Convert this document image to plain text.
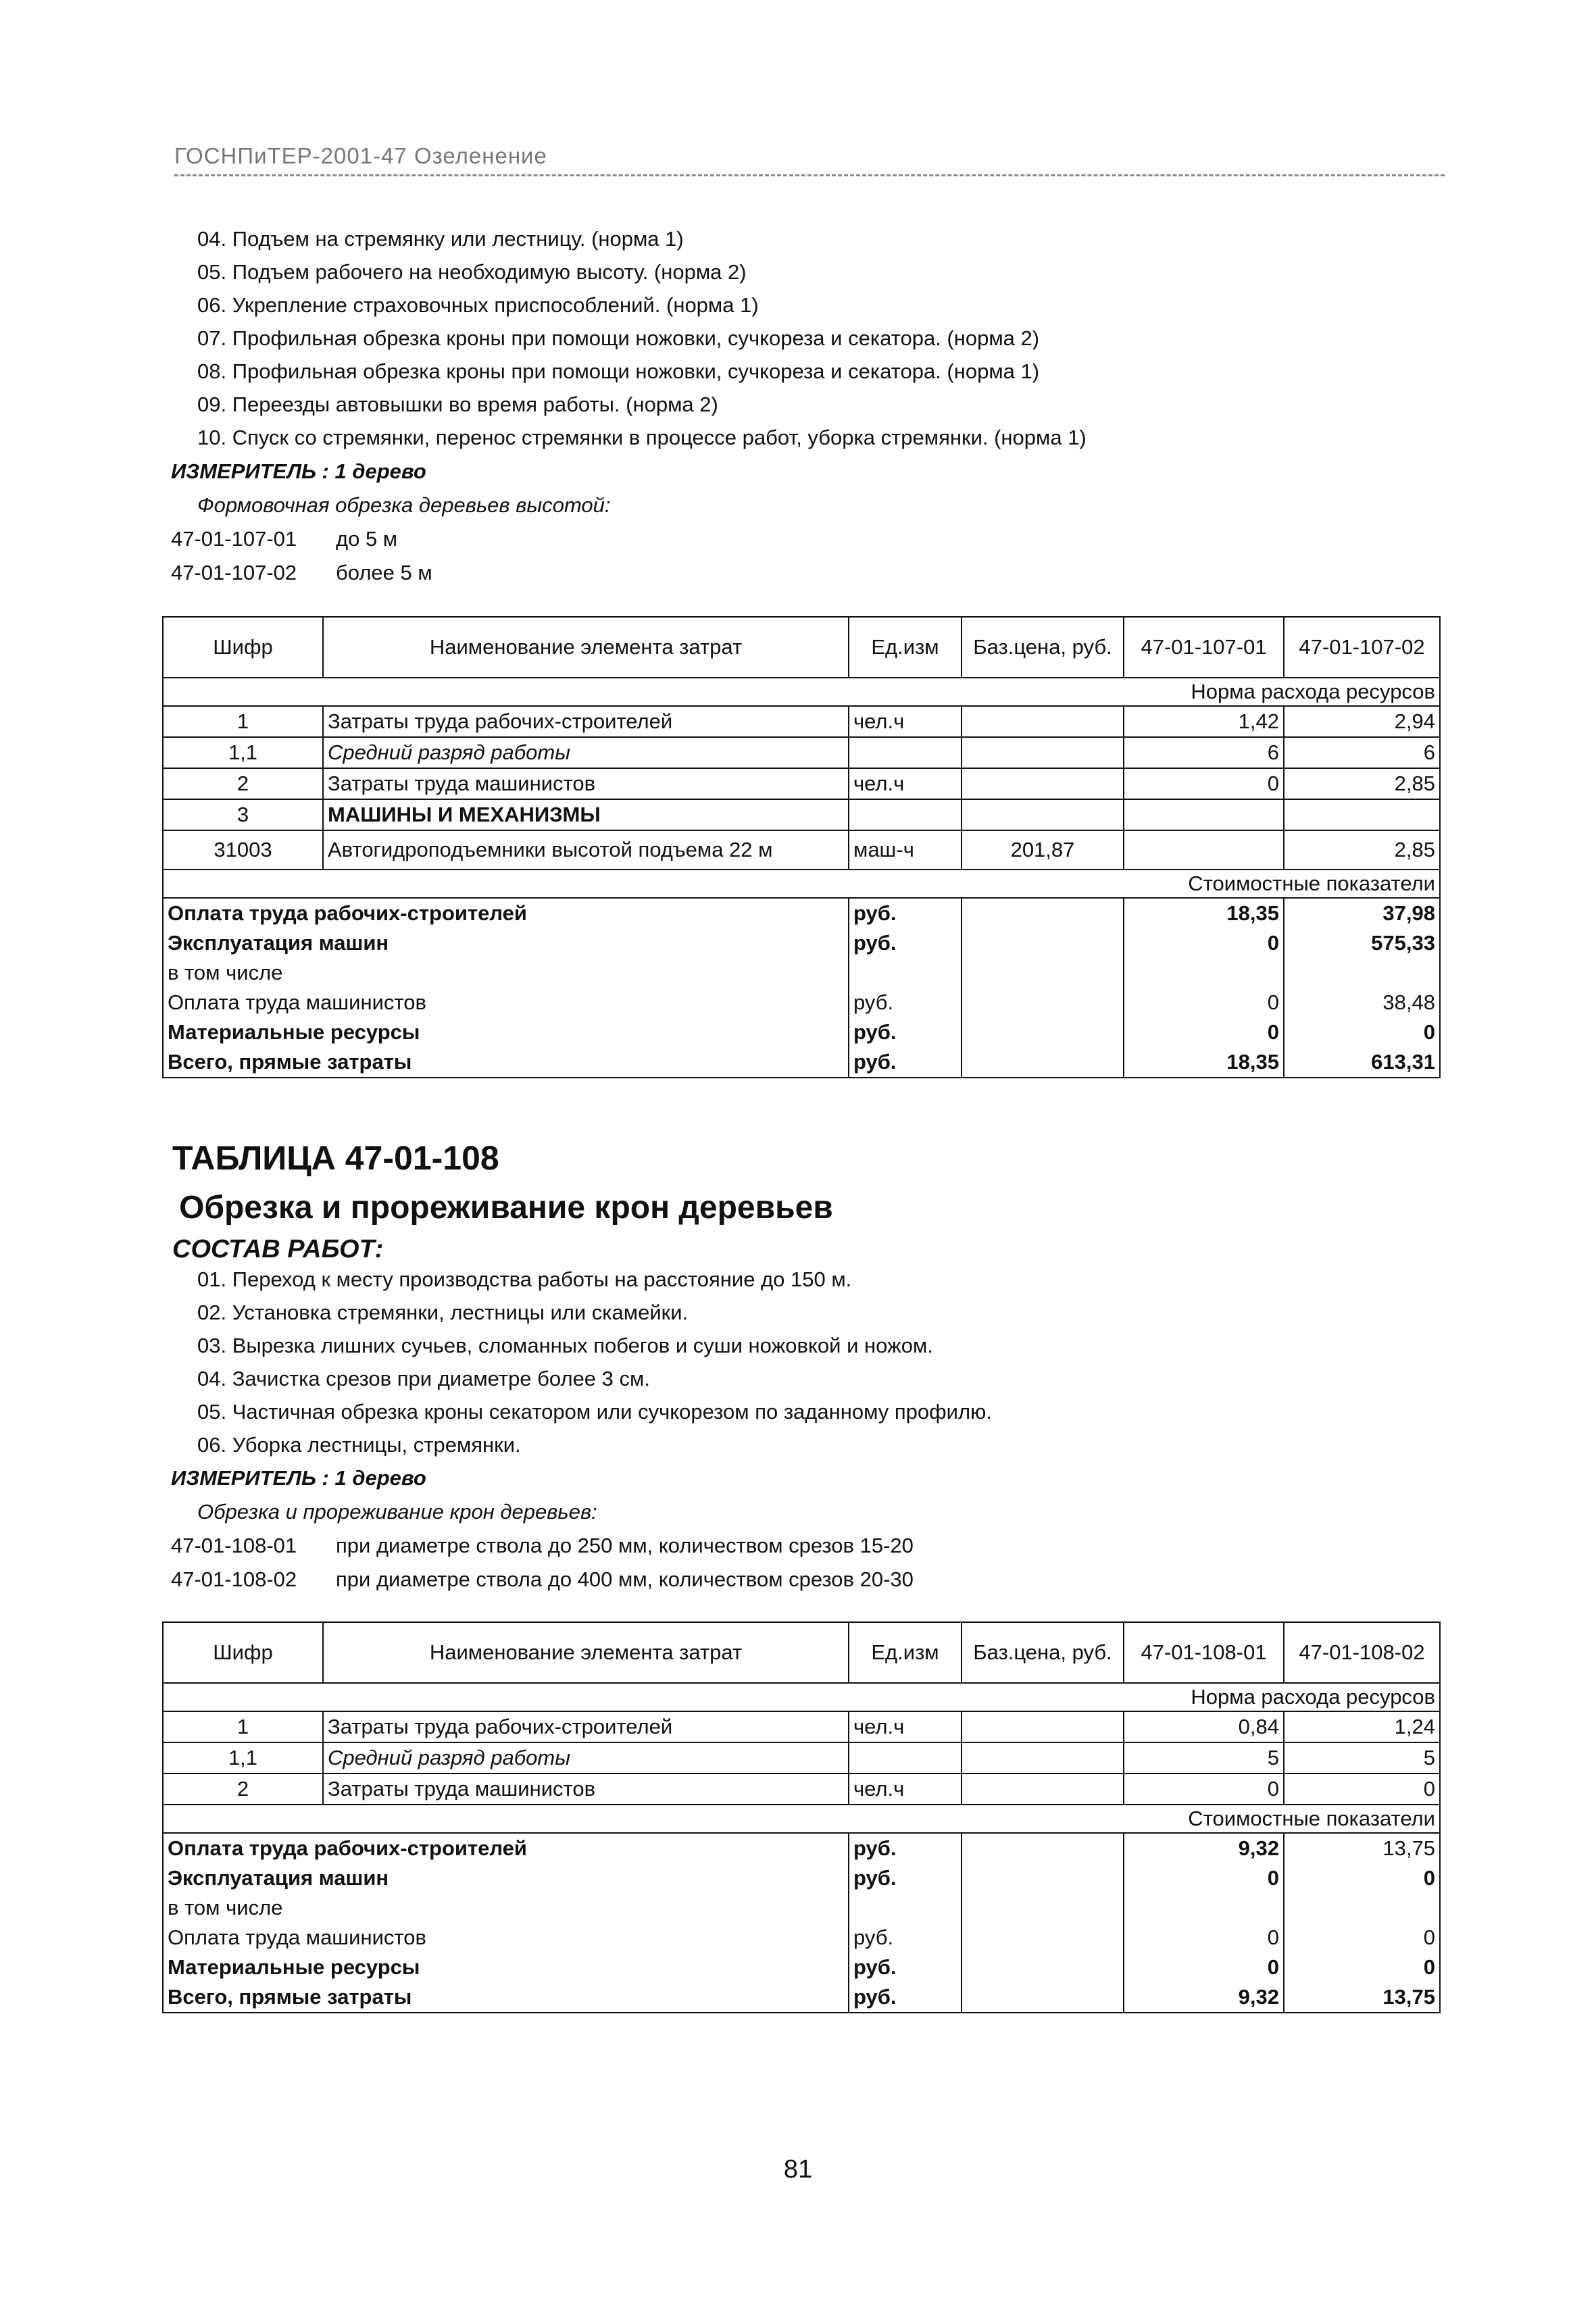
ГОСНПиТЕР-2001-47 Озеленение
04. Подъем на стремянку или лестницу. (норма 1)
05. Подъем рабочего на необходимую высоту. (норма 2)
06. Укрепление страховочных приспособлений. (норма 1)
07. Профильная обрезка кроны при помощи ножовки, сучкореза и секатора. (норма 2)
08. Профильная обрезка кроны при помощи ножовки, сучкореза и секатора. (норма 1)
09. Переезды автовышки во время работы. (норма 2)
10. Спуск со стремянки, перенос стремянки в процессе работ, уборка стремянки. (норма 1)
ИЗМЕРИТЕЛЬ : 1 дерево
Формовочная обрезка деревьев высотой:
47-01-107-01 до 5 м
47-01-107-02 более 5 м
Шифр	Наименование элемента затрат	Ед.изм	Баз.цена, руб.	47-01-107-01	47-01-107-02
Норма расхода ресурсов					
1	Затраты труда рабочих-строителей	чел.ч		1,42	2,94
1,1	Средний разряд работы			6	6
2	Затраты труда машинистов	чел.ч		0	2,85
3	МАШИНЫ И МЕХАНИЗМЫ				
31003	Автогидроподъемники высотой подъема 22 м	маш-ч	201,87		2,85
Стоимостные показатели					
Оплата труда рабочих-строителей		руб.		18,35	37,98
Эксплуатация машин		руб.		0	575,33
в том числе					
Оплата труда машинистов		руб.		0	38,48
Материальные ресурсы		руб.		0	0
Всего, прямые затраты		руб.		18,35	613,31
ТАБЛИЦА 47-01-108
Обрезка и прореживание крон деревьев
СОСТАВ РАБОТ:
01. Переход к месту производства работы на расстояние до 150 м.
02. Установка стремянки, лестницы или скамейки.
03. Вырезка лишних сучьев, сломанных побегов и суши ножовкой и ножом.
04. Зачистка срезов при диаметре более 3 см.
05. Частичная обрезка кроны секатором или сучкорезом по заданному профилю.
06. Уборка лестницы, стремянки.
ИЗМЕРИТЕЛЬ : 1 дерево
Обрезка и прореживание крон деревьев:
47-01-108-01 при диаметре ствола до 250 мм, количеством срезов 15-20
47-01-108-02 при диаметре ствола до 400 мм, количеством срезов 20-30
Шифр	Наименование элемента затрат	Ед.изм	Баз.цена, руб.	47-01-108-01	47-01-108-02
Норма расхода ресурсов					
1	Затраты труда рабочих-строителей	чел.ч		0,84	1,24
1,1	Средний разряд работы			5	5
2	Затраты труда машинистов	чел.ч		0	0
Стоимостные показатели					
Оплата труда рабочих-строителей		руб.		9,32	13,75
Эксплуатация машин		руб.		0	0
в том числе					
Оплата труда машинистов		руб.		0	0
Материальные ресурсы		руб.		0	0
Всего, прямые затраты		руб.		9,32	13,75
81
